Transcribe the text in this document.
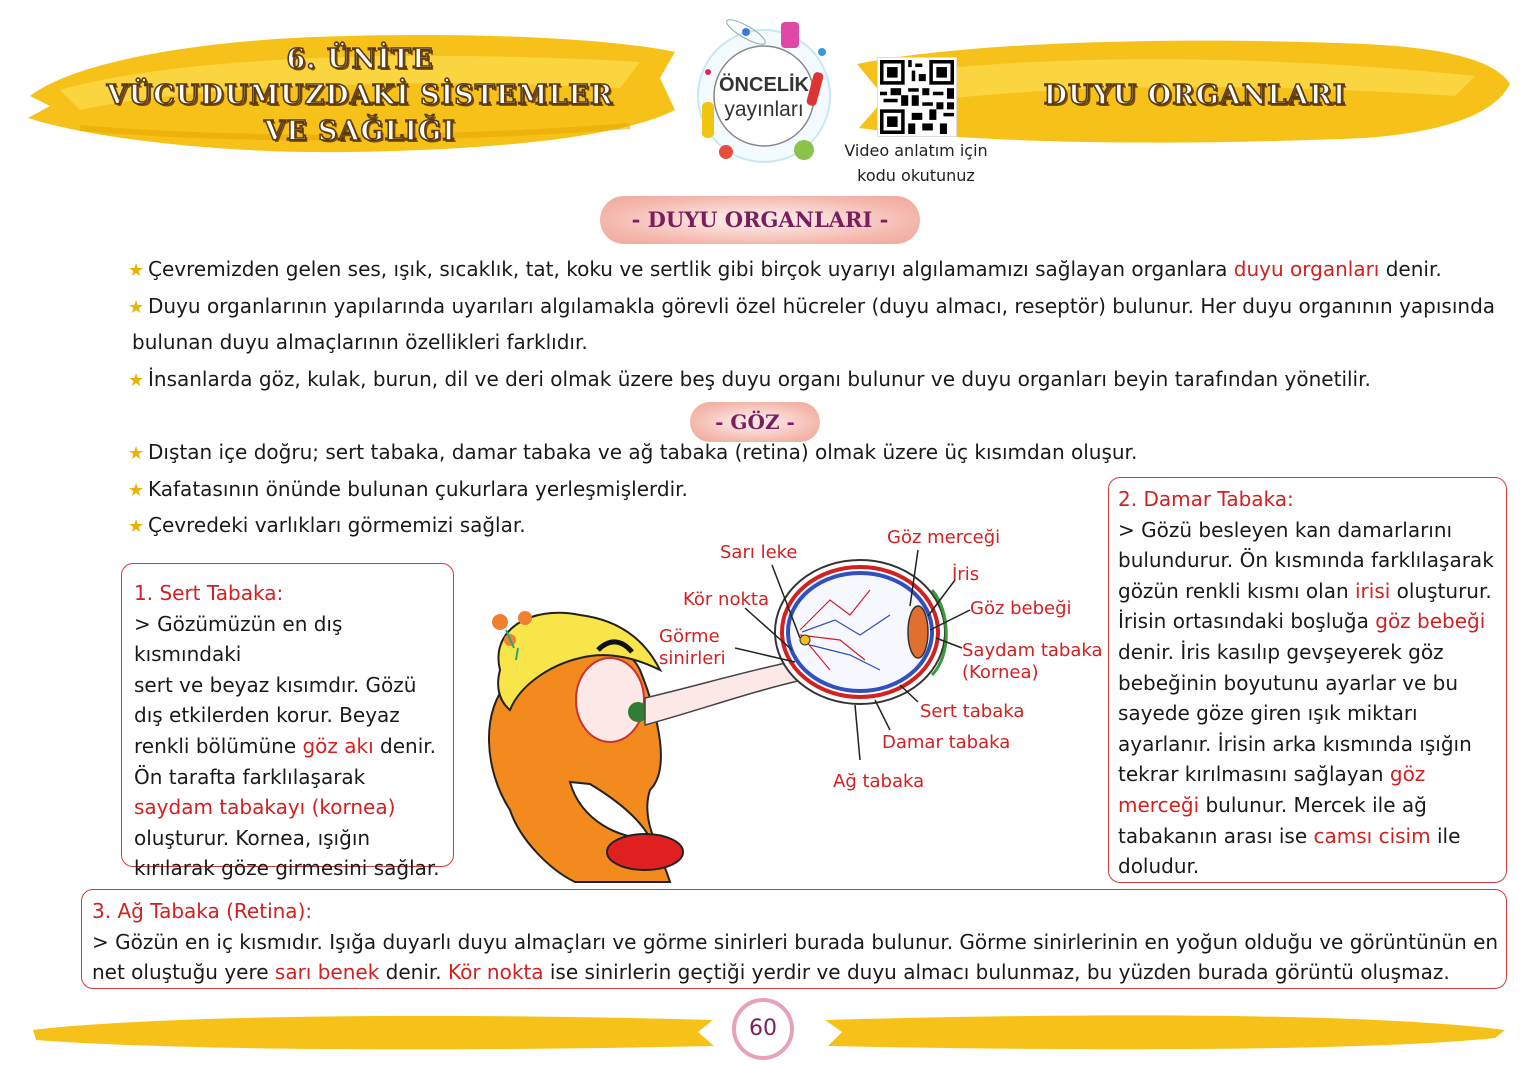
6. ÜNİTE
VÜCUDUMUZDAKİ SİSTEMLER
VE SAĞLIĞI
DUYU ORGANLARI
ÖNCELİK
yayınları
Video anlatım için
kodu okutunuz
- DUYU ORGANLARI -
★ Çevremizden gelen ses, ışık, sıcaklık, tat, koku ve sertlik gibi birçok uyarıyı algılamamızı sağlayan organlara duyu organları denir.
★ Duyu organlarının yapılarında uyarıları algılamakla görevli özel hücreler (duyu almacı, reseptör) bulunur. Her duyu organının yapısında
bulunan duyu almaçlarının özellikleri farklıdır.
★ İnsanlarda göz, kulak, burun, dil ve deri olmak üzere beş duyu organı bulunur ve duyu organları beyin tarafından yönetilir.
- GÖZ -
★ Dıştan içe doğru; sert tabaka, damar tabaka ve ağ tabaka (retina) olmak üzere üç kısımdan oluşur.
★ Kafatasının önünde bulunan çukurlara yerleşmişlerdir.
★ Çevredeki varlıkları görmemizi sağlar.
1. Sert Tabaka:
> Gözümüzün en dış kısmındaki
sert ve beyaz kısımdır. Gözü
dış etkilerden korur. Beyaz
renkli bölümüne göz akı denir.
Ön tarafta farklılaşarak
saydam tabakayı (kornea)
oluşturur. Kornea, ışığın
kırılarak göze girmesini sağlar.
2. Damar Tabaka:
> Gözü besleyen kan damarlarını
bulundurur. Ön kısmında farklılaşarak
gözün renkli kısmı olan irisi oluşturur.
İrisin ortasındaki boşluğa göz bebeği
denir. İris kasılıp gevşeyerek göz
bebeğinin boyutunu ayarlar ve bu
sayede göze giren ışık miktarı
ayarlanır. İrisin arka kısmında ışığın
tekrar kırılmasını sağlayan göz
merceği bulunur. Mercek ile ağ
tabakanın arası ise camsı cisim ile
doludur.
Sarı leke
Kör nokta
Görme
sinirleri
Göz merceği
İris
Göz bebeği
Saydam tabaka
(Kornea)
Sert tabaka
Damar tabaka
Ağ tabaka
3. Ağ Tabaka (Retina):
> Gözün en iç kısmıdır. Işığa duyarlı duyu almaçları ve görme sinirleri burada bulunur. Görme sinirlerinin en yoğun olduğu ve görüntünün en
net oluştuğu yere sarı benek denir. Kör nokta ise sinirlerin geçtiği yerdir ve duyu almacı bulunmaz, bu yüzden burada görüntü oluşmaz.
60
